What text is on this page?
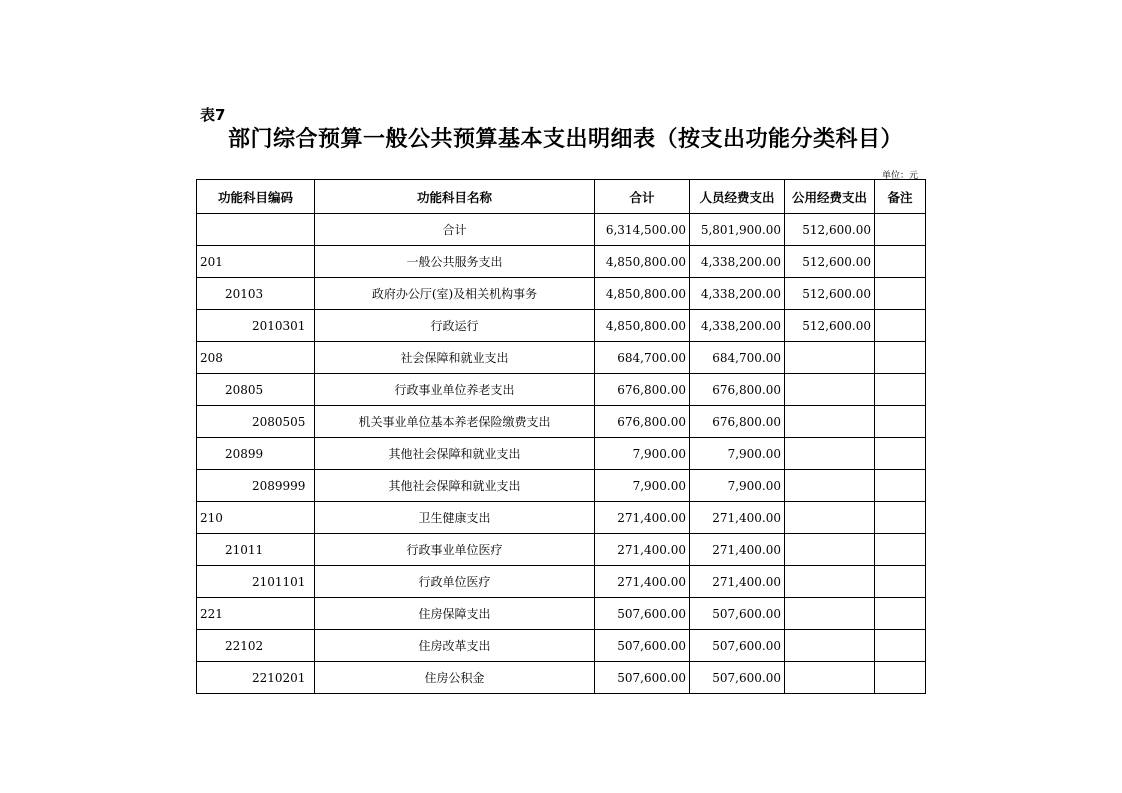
表7
部门综合预算一般公共预算基本支出明细表（按支出功能分类科目）
单位：元
功能科目编码	功能科目名称	合计	人员经费支出	公用经费支出	备注
	合计	6,314,500.00	5,801,900.00	512,600.00	
201	一般公共服务支出	4,850,800.00	4,338,200.00	512,600.00	
20103	政府办公厅(室)及相关机构事务	4,850,800.00	4,338,200.00	512,600.00	
2010301	行政运行	4,850,800.00	4,338,200.00	512,600.00	
208	社会保障和就业支出	684,700.00	684,700.00		
20805	行政事业单位养老支出	676,800.00	676,800.00		
2080505	机关事业单位基本养老保险缴费支出	676,800.00	676,800.00		
20899	其他社会保障和就业支出	7,900.00	7,900.00		
2089999	其他社会保障和就业支出	7,900.00	7,900.00		
210	卫生健康支出	271,400.00	271,400.00		
21011	行政事业单位医疗	271,400.00	271,400.00		
2101101	行政单位医疗	271,400.00	271,400.00		
221	住房保障支出	507,600.00	507,600.00		
22102	住房改革支出	507,600.00	507,600.00		
2210201	住房公积金	507,600.00	507,600.00		
